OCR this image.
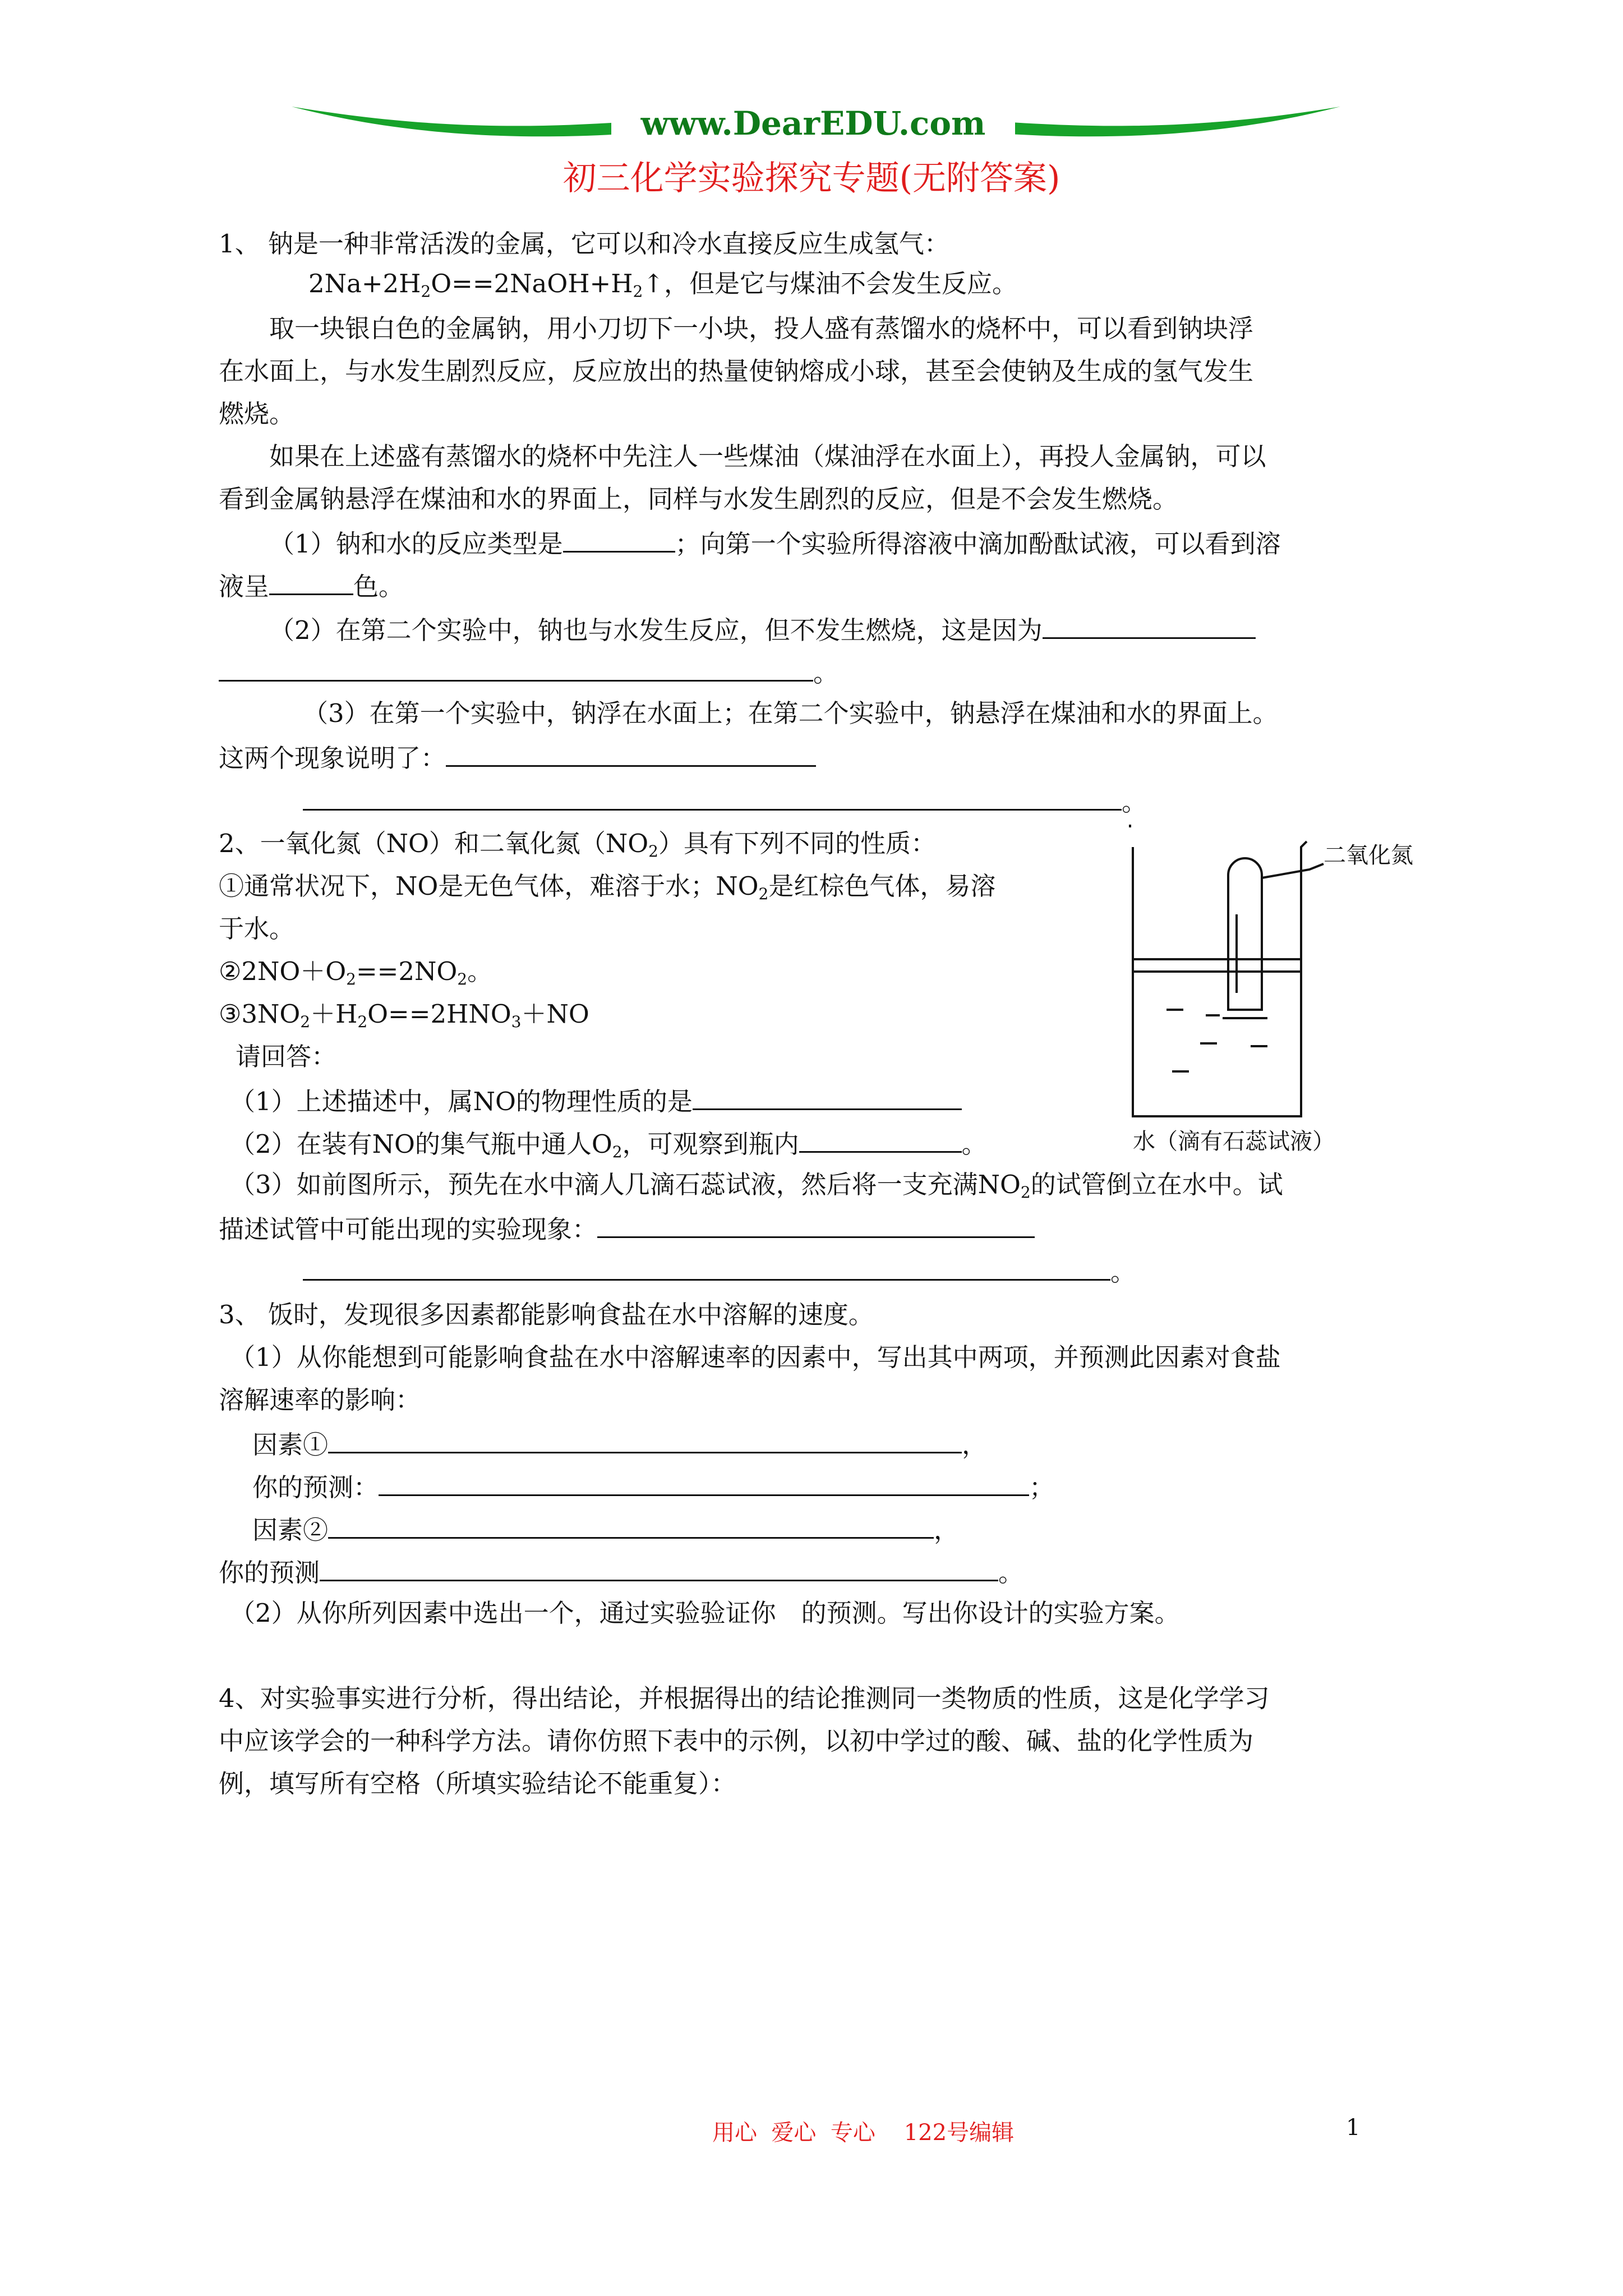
www.DearEDU.com
初三化学实验探究专题(无附答案)
1、 钠是一种非常活泼的金属，它可以和冷水直接反应生成氢气：
$2Na+2H_2O==2NaOH+H_2↑$，但是它与煤油不会发生反应。
取一块银白色的金属钠，用小刀切下一小块，投人盛有蒸馏水的烧杯中，可以看到钠块浮
在水面上，与水发生剧烈反应，反应放出的热量使钠熔成小球，甚至会使钠及生成的氢气发生
燃烧。
如果在上述盛有蒸馏水的烧杯中先注人一些煤油（煤油浮在水面上），再投人金属钠，可以
看到金属钠悬浮在煤油和水的界面上，同样与水发生剧烈的反应，但是不会发生燃烧。
（1）钠和水的反应类型是	；向第一个实验所得溶液中滴加酚酞试液，可以看到溶
液呈	色。
（2）在第二个实验中，钠也与水发生反应，但不发生燃烧，这是因为
。
（3）在第一个实验中，钠浮在水面上；在第二个实验中，钠悬浮在煤油和水的界面上。
这两个现象说明了：
。
2、一氧化氮（NO）和二氧化氮$(NO_2)$具有下列不同的性质：
①通常状况下，NO是无色气体，难溶于水；$NO_2$是红棕色气体，易溶
于水。
$②2NO+O_2==2NO_2$。
$③3NO_2+H_2O==2HNO_3+NO$
请回答：
（1）上述描述中，属NO的物理性质的是
（2）在装有NO的集气瓶中通人$O_2$，可观察到瓶内	。
（3）如前图所示，预先在水中滴人几滴石蕊试液，然后将一支充满$NO_2$的试管倒立在水中。试
描述试管中可能出现的实验现象：
。
二氧化氮
水（滴有石蕊试液）
3、 饭时，发现很多因素都能影响食盐在水中溶解的速度。
（1）从你能想到可能影响食盐在水中溶解速率的因素中，写出其中两项，并预测此因素对食盐
溶解速率的影响：
因素①	，
你的预测：	；
因素②	，
你的预测	。
（2）从你所列因素中选出一个，通过实验验证你　的预测。写出你设计的实验方案。
4、对实验事实进行分析，得出结论，并根据得出的结论推测同一类物质的性质，这是化学学习
中应该学会的一种科学方法。请你仿照下表中的示例，以初中学过的酸、碱、盐的化学性质为
例，填写所有空格（所填实验结论不能重复）：
用心  爱心  专心    122号编辑	1
